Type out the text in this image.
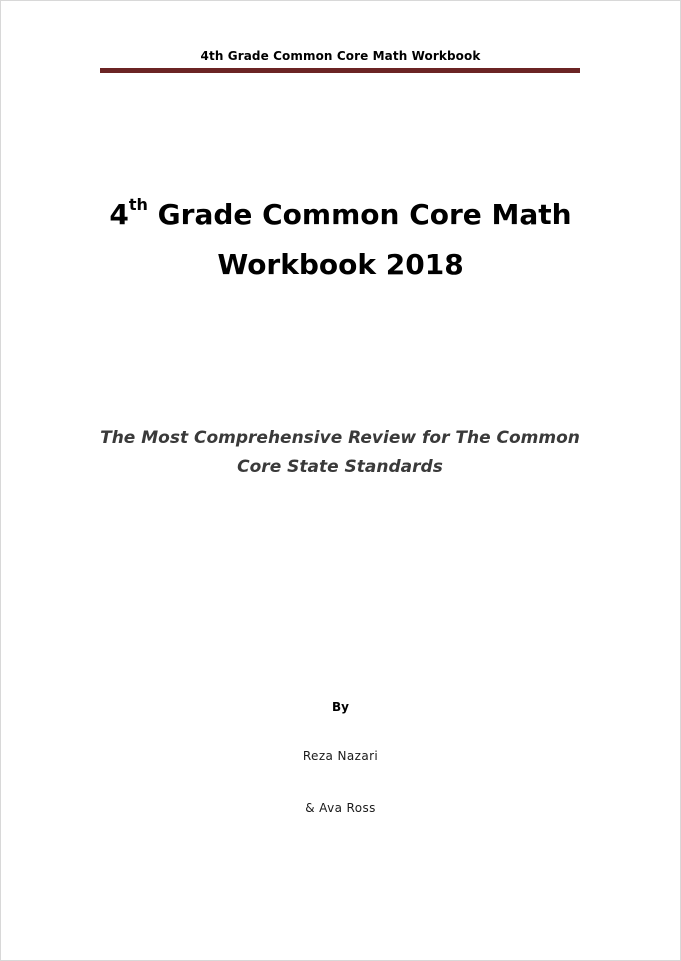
4th Grade Common Core Math Workbook
4th Grade Common Core Math
Workbook 2018
The Most Comprehensive Review for The Common
Core State Standards
By
Reza Nazari
& Ava Ross
